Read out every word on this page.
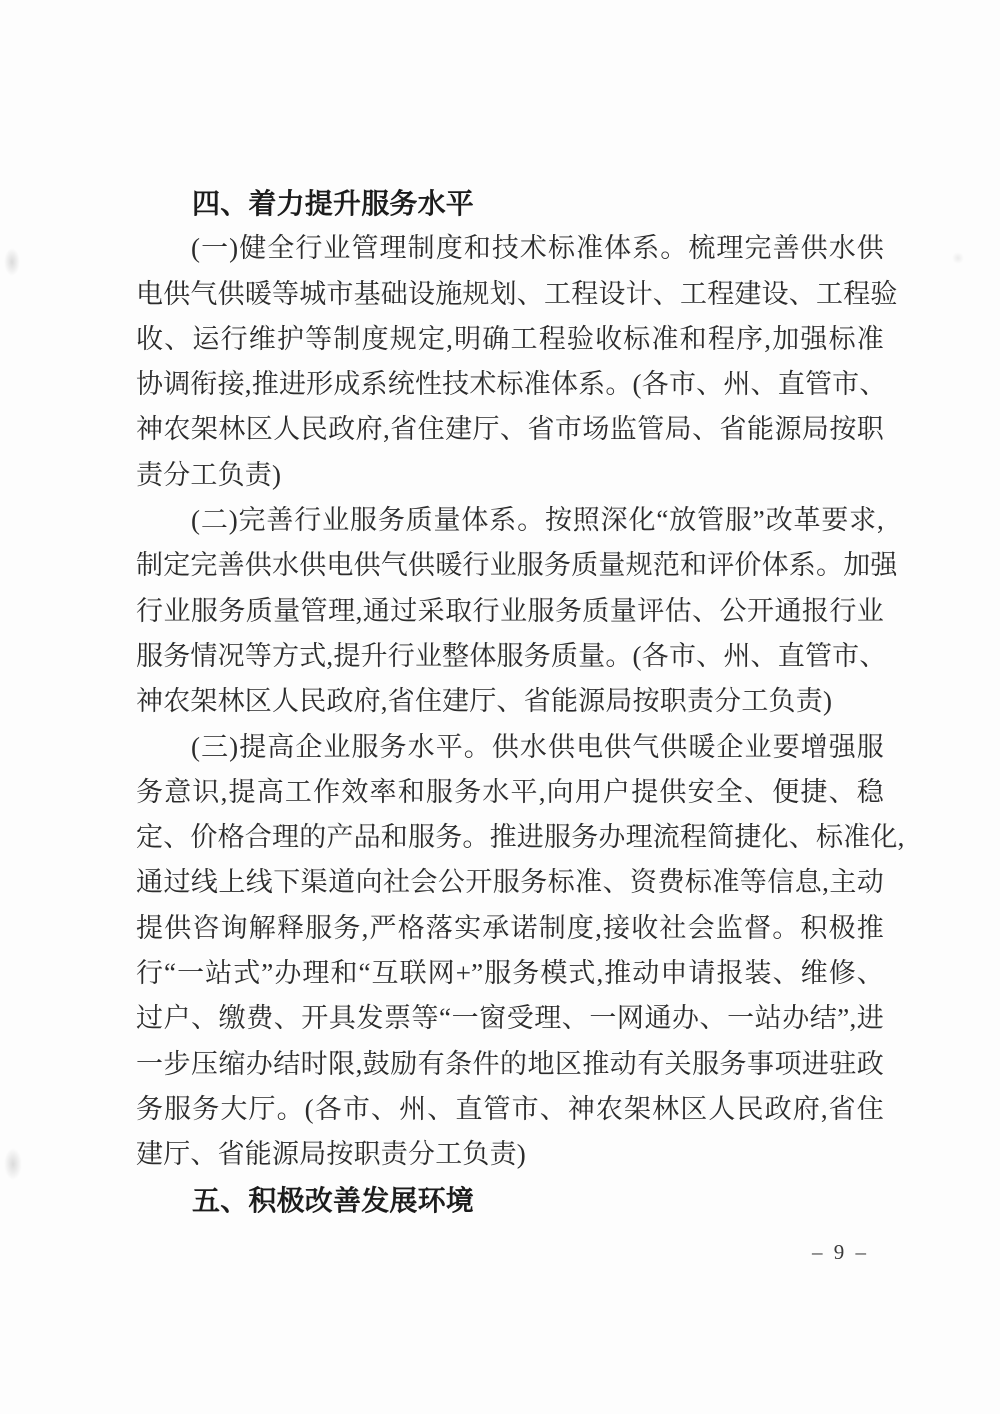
四、着力提升服务水平
(一)健全行业管理制度和技术标准体系。梳理完善供水供
电供气供暖等城市基础设施规划、工程设计、工程建设、工程验
收、运行维护等制度规定,明确工程验收标准和程序,加强标准
协调衔接,推进形成系统性技术标准体系。(各市、州、直管市、
神农架林区人民政府,省住建厅、省市场监管局、省能源局按职
责分工负责)
(二)完善行业服务质量体系。按照深化“放管服”改革要求,
制定完善供水供电供气供暖行业服务质量规范和评价体系。加强
行业服务质量管理,通过采取行业服务质量评估、公开通报行业
服务情况等方式,提升行业整体服务质量。(各市、州、直管市、
神农架林区人民政府,省住建厅、省能源局按职责分工负责)
(三)提高企业服务水平。供水供电供气供暖企业要增强服
务意识,提高工作效率和服务水平,向用户提供安全、便捷、稳
定、价格合理的产品和服务。推进服务办理流程简捷化、标准化,
通过线上线下渠道向社会公开服务标准、资费标准等信息,主动
提供咨询解释服务,严格落实承诺制度,接收社会监督。积极推
行“一站式”办理和“互联网+”服务模式,推动申请报装、维修、
过户、缴费、开具发票等“一窗受理、一网通办、一站办结”,进
一步压缩办结时限,鼓励有条件的地区推动有关服务事项进驻政
务服务大厅。(各市、州、直管市、神农架林区人民政府,省住
建厅、省能源局按职责分工负责)
五、积极改善发展环境
– 9 –
